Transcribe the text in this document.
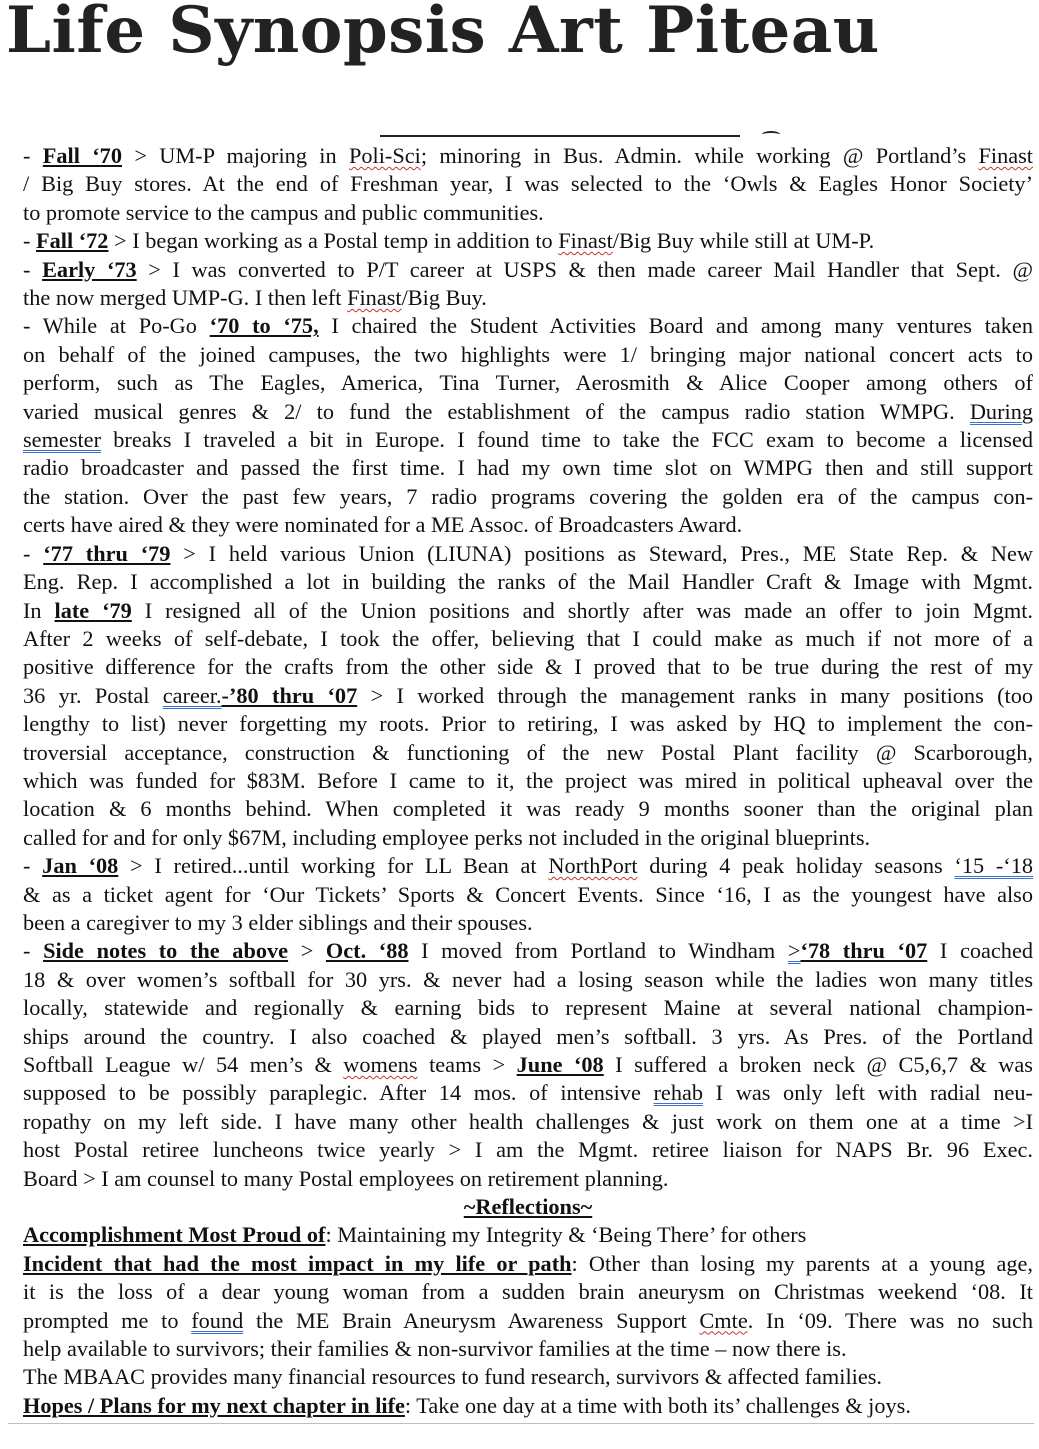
Life Synopsis Art Piteau

- Fall ‘70 > UM-P majoring in Poli-Sci; minoring in Bus. Admin. while working @ Portland’s Finast
/ Big Buy stores. At the end of Freshman year, I was selected to the ‘Owls & Eagles Honor Society’
to promote service to the campus and public communities.

- Fall ‘72 > I began working as a Postal temp in addition to Finast/Big Buy while still at UM-P.

- Early ‘73 > I was converted to P/T career at USPS & then made career Mail Handler that Sept. @
the now merged UMP-G. I then left Finast/Big Buy.

- While at Po-Go ‘70 to ‘75, I chaired the Student Activities Board and among many ventures taken
on behalf of the joined campuses, the two highlights were 1/ bringing major national concert acts to
perform, such as The Eagles, America, Tina Turner, Aerosmith & Alice Cooper among others of
varied musical genres & 2/ to fund the establishment of the campus radio station WMPG. During
semester breaks I traveled a bit in Europe. I found time to take the FCC exam to become a licensed
radio broadcaster and passed the first time. I had my own time slot on WMPG then and still support
the station. Over the past few years, 7 radio programs covering the golden era of the campus con-
certs have aired & they were nominated for a ME Assoc. of Broadcasters Award.

- ‘77 thru ‘79 > I held various Union (LIUNA) positions as Steward, Pres., ME State Rep. & New
Eng. Rep. I accomplished a lot in building the ranks of the Mail Handler Craft & Image with Mgmt.
In late ‘79 I resigned all of the Union positions and shortly after was made an offer to join Mgmt.
After 2 weeks of self-debate, I took the offer, believing that I could make as much if not more of a
positive difference for the crafts from the other side & I proved that to be true during the rest of my
36 yr. Postal career.-’80 thru ‘07 > I worked through the management ranks in many positions (too
lengthy to list) never forgetting my roots. Prior to retiring, I was asked by HQ to implement the con-
troversial acceptance, construction & functioning of the new Postal Plant facility @ Scarborough,
which was funded for $83M. Before I came to it, the project was mired in political upheaval over the
location & 6 months behind. When completed it was ready 9 months sooner than the original plan
called for and for only $67M, including employee perks not included in the original blueprints.

- Jan ‘08 > I retired...until working for LL Bean at NorthPort during 4 peak holiday seasons ‘15 -‘18
& as a ticket agent for ‘Our Tickets’ Sports & Concert Events. Since ‘16, I as the youngest have also
been a caregiver to my 3 elder siblings and their spouses.

- Side notes to the above > Oct. ‘88 I moved from Portland to Windham >‘78 thru ‘07 I coached
18 & over women’s softball for 30 yrs. & never had a losing season while the ladies won many titles
locally, statewide and regionally & earning bids to represent Maine at several national champion-
ships around the country. I also coached & played men’s softball. 3 yrs. As Pres. of the Portland
Softball League w/ 54 men’s & womens teams > June ‘08 I suffered a broken neck @ C5,6,7 & was
supposed to be possibly paraplegic. After 14 mos. of intensive rehab I was only left with radial neu-
ropathy on my left side. I have many other health challenges & just work on them one at a time >I
host Postal retiree luncheons twice yearly > I am the Mgmt. retiree liaison for NAPS Br. 96 Exec.
Board > I am counsel to many Postal employees on retirement planning.

~Reflections~

Accomplishment Most Proud of: Maintaining my Integrity & ‘Being There’ for others

Incident that had the most impact in my life or path: Other than losing my parents at a young age,
it is the loss of a dear young woman from a sudden brain aneurysm on Christmas weekend ‘08. It
prompted me to found the ME Brain Aneurysm Awareness Support Cmte. In ‘09. There was no such
help available to survivors; their families & non-survivor families at the time – now there is.
The MBAAC provides many financial resources to fund research, survivors & affected families.

Hopes / Plans for my next chapter in life: Take one day at a time with both its’ challenges & joys.
